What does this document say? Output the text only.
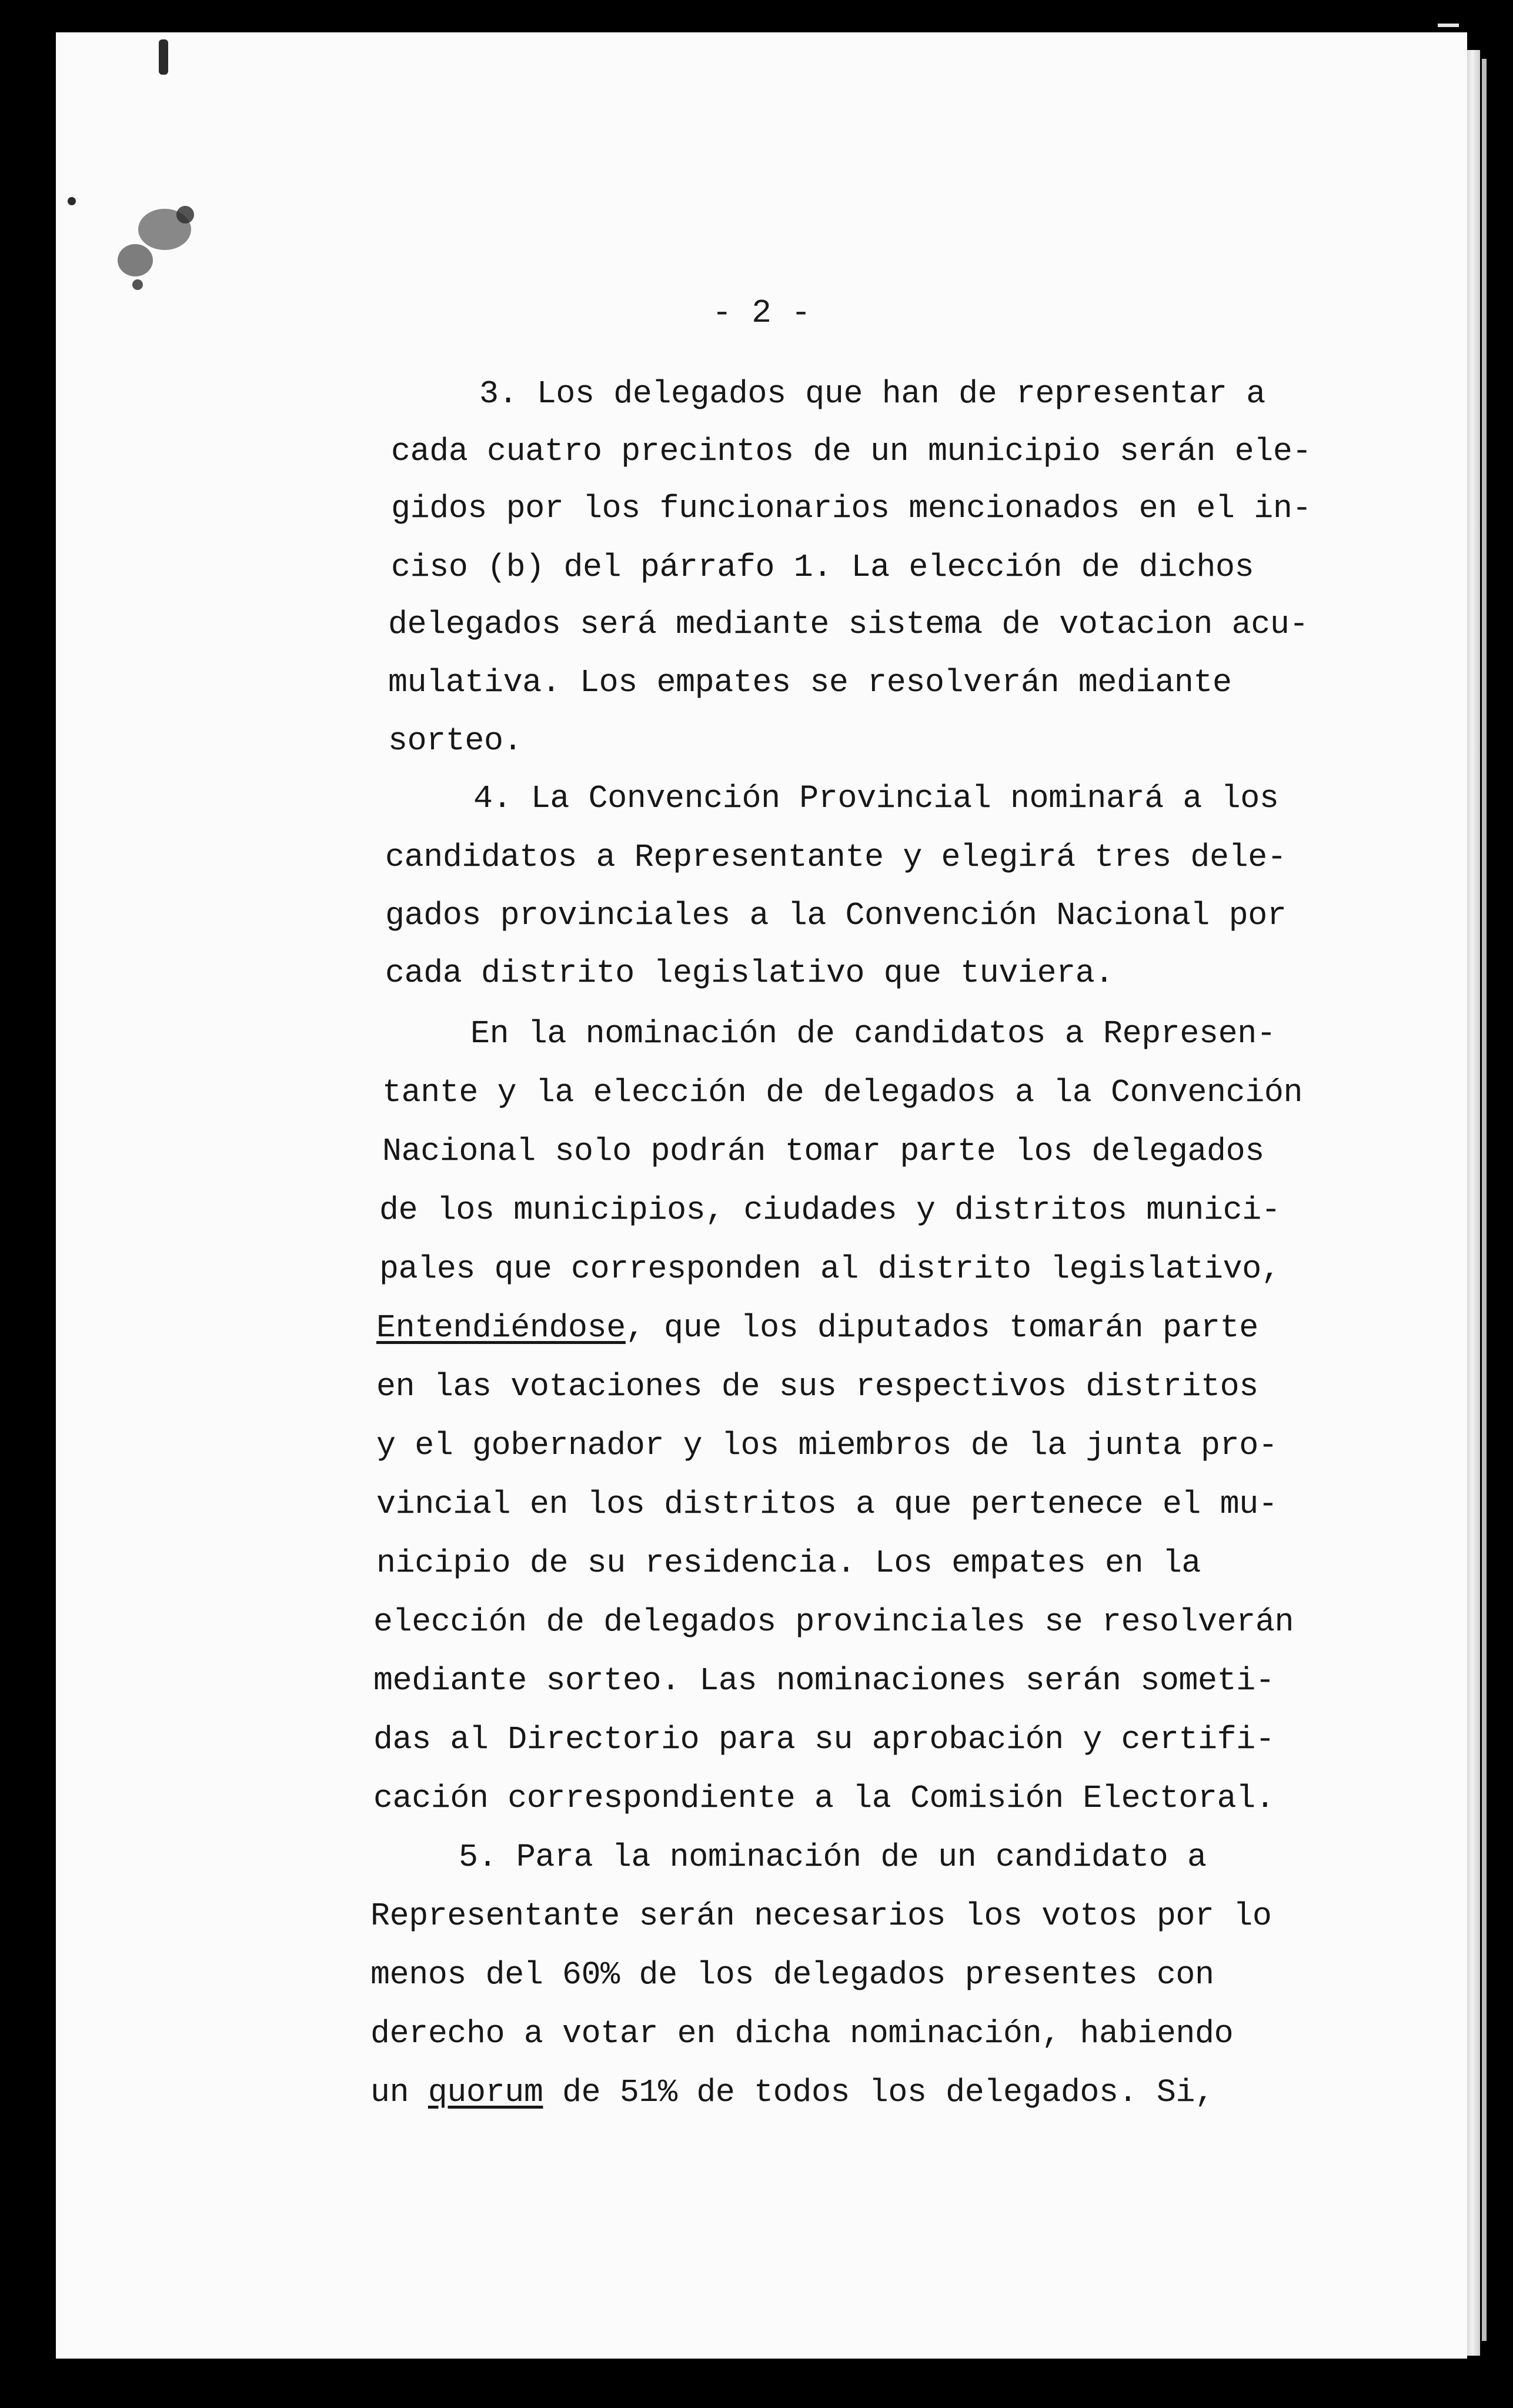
- 2 -
3. Los delegados que han de representar a
cada cuatro precintos de un municipio serán ele-
gidos por los funcionarios mencionados en el in-
ciso (b) del párrafo 1. La elección de dichos
delegados será mediante sistema de votacion acu-
mulativa. Los empates se resolverán mediante
sorteo.
4. La Convención Provincial nominará a los
candidatos a Representante y elegirá tres dele-
gados provinciales a la Convención Nacional por
cada distrito legislativo que tuviera.
En la nominación de candidatos a Represen-
tante y la elección de delegados a la Convención
Nacional solo podrán tomar parte los delegados
de los municipios, ciudades y distritos munici-
pales que corresponden al distrito legislativo,
Entendiéndose, que los diputados tomarán parte
en las votaciones de sus respectivos distritos
y el gobernador y los miembros de la junta pro-
vincial en los distritos a que pertenece el mu-
nicipio de su residencia. Los empates en la
elección de delegados provinciales se resolverán
mediante sorteo. Las nominaciones serán someti-
das al Directorio para su aprobación y certifi-
cación correspondiente a la Comisión Electoral.
5. Para la nominación de un candidato a
Representante serán necesarios los votos por lo
menos del 60% de los delegados presentes con
derecho a votar en dicha nominación, habiendo
un quorum de 51% de todos los delegados. Si,
